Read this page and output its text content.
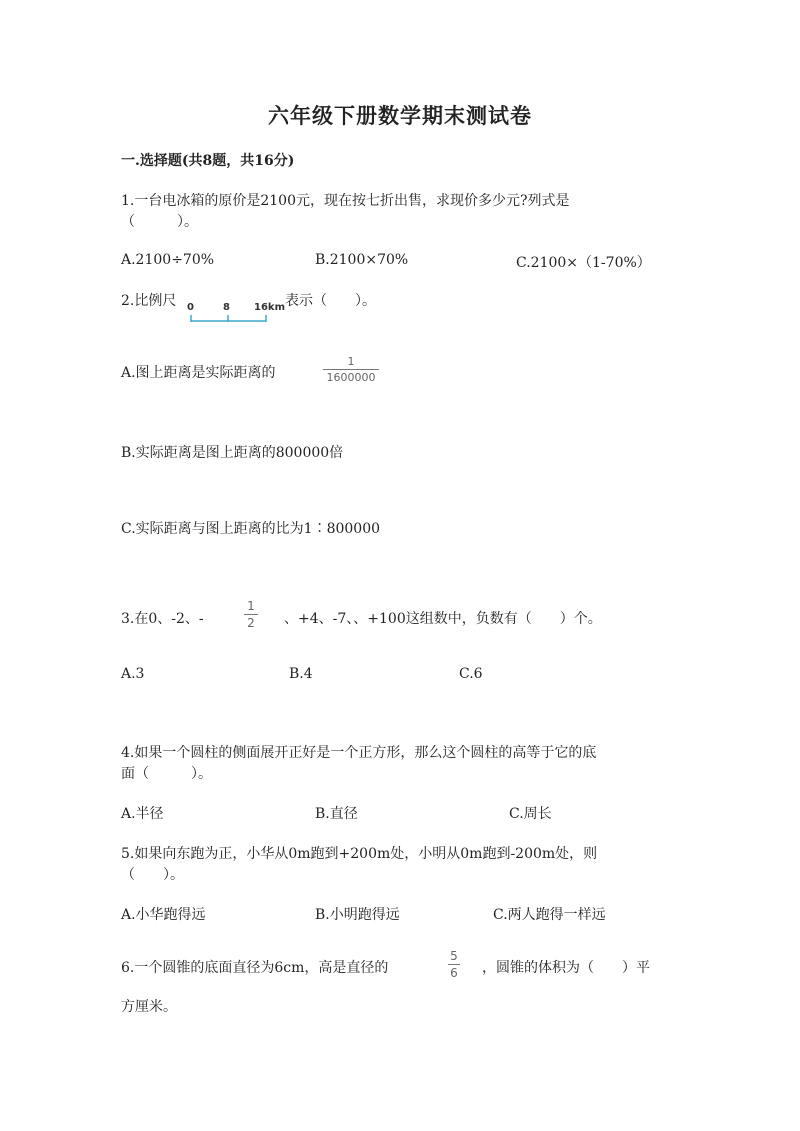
六年级下册数学期末测试卷
一.选择题(共8题，共16分)
1.一台电冰箱的原价是2100元，现在按七折出售，求现价多少元?列式是
（　　　）。
A.2100÷70%	B.2100×70%	C.2100×（1-70%）
2.比例尺 0	8 16km 表示（　　）。
A.图上距离是实际距离的
1
1600000
B.实际距离是图上距离的800000倍
C.实际距离与图上距离的比为1∶800000
3.在0、-2、-
1
2 、+4、-7、、+100这组数中，负数有（　　）个。
A.3	B.4	C.6
4.如果一个圆柱的侧面展开正好是一个正方形，那么这个圆柱的高等于它的底
面（　　　）。
A.半径	B.直径	C.周长
5.如果向东跑为正，小华从0m跑到+200m处，小明从0m跑到-200m处，则
（　　）。
A.小华跑得远	B.小明跑得远	C.两人跑得一样远
6.一个圆锥的底面直径为6cm，高是直径的
5
6 ，圆锥的体积为（　　）平
方厘米。
